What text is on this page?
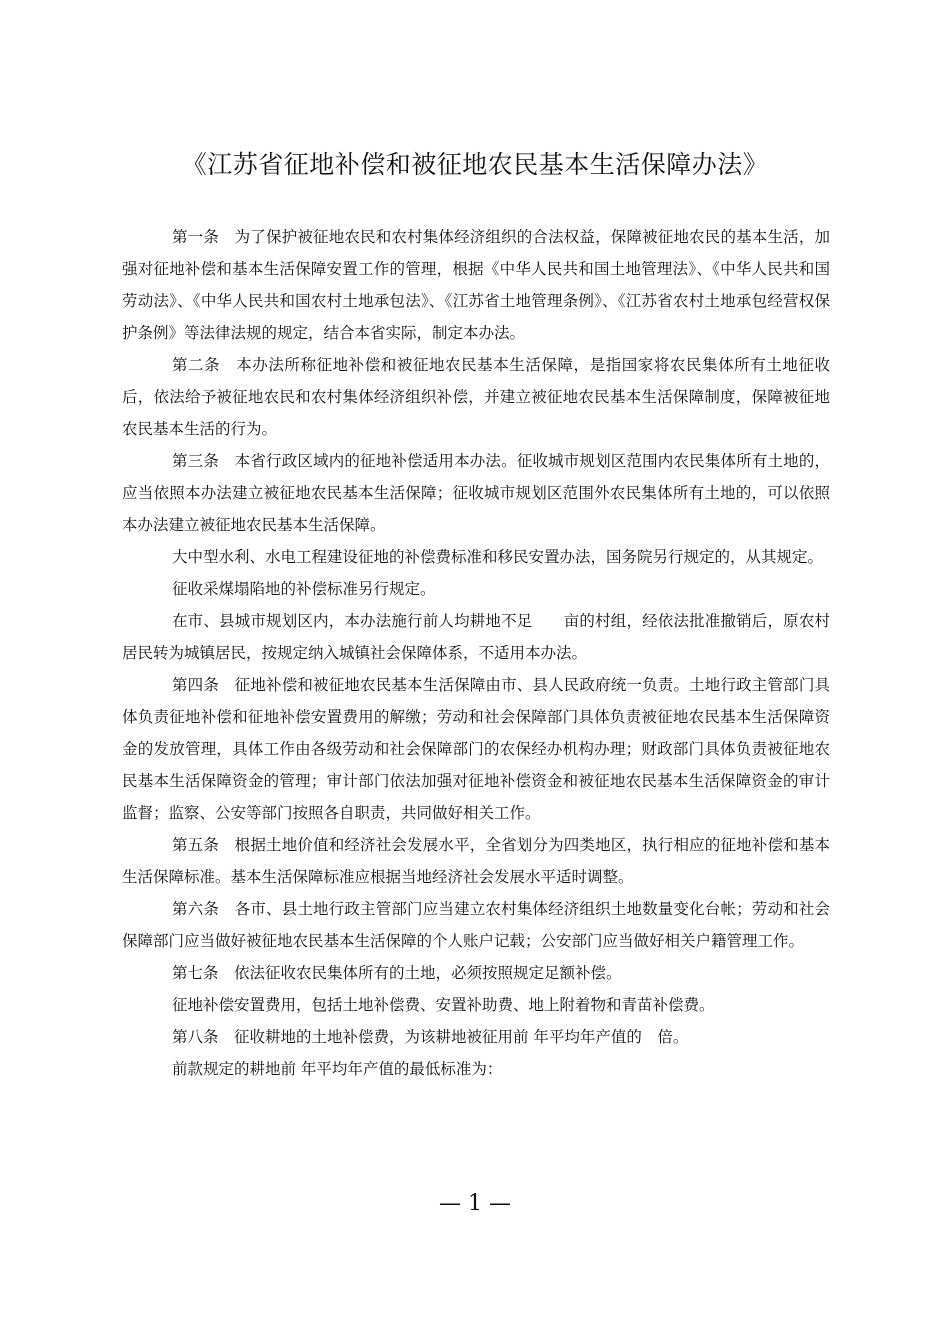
《江苏省征地补偿和被征地农民基本生活保障办法》

第一条　为了保护被征地农民和农村集体经济组织的合法权益，保障被征地农民的基本生活，加强对征地补偿和基本生活保障安置工作的管理，根据《中华人民共和国土地管理法》、《中华人民共和国劳动法》、《中华人民共和国农村土地承包法》、《江苏省土地管理条例》、《江苏省农村土地承包经营权保护条例》等法律法规的规定，结合本省实际，制定本办法。

第二条　本办法所称征地补偿和被征地农民基本生活保障，是指国家将农民集体所有土地征收后，依法给予被征地农民和农村集体经济组织补偿，并建立被征地农民基本生活保障制度，保障被征地农民基本生活的行为。

第三条　本省行政区域内的征地补偿适用本办法。征收城市规划区范围内农民集体所有土地的，应当依照本办法建立被征地农民基本生活保障；征收城市规划区范围外农民集体所有土地的，可以依照本办法建立被征地农民基本生活保障。

大中型水利、水电工程建设征地的补偿费标准和移民安置办法，国务院另行规定的，从其规定。

征收采煤塌陷地的补偿标准另行规定。

在市、县城市规划区内，本办法施行前人均耕地不足　　亩的村组，经依法批准撤销后，原农村居民转为城镇居民，按规定纳入城镇社会保障体系，不适用本办法。

第四条　征地补偿和被征地农民基本生活保障由市、县人民政府统一负责。土地行政主管部门具体负责征地补偿和征地补偿安置费用的解缴；劳动和社会保障部门具体负责被征地农民基本生活保障资金的发放管理，具体工作由各级劳动和社会保障部门的农保经办机构办理；财政部门具体负责被征地农民基本生活保障资金的管理；审计部门依法加强对征地补偿资金和被征地农民基本生活保障资金的审计监督；监察、公安等部门按照各自职责，共同做好相关工作。

第五条　根据土地价值和经济社会发展水平，全省划分为四类地区，执行相应的征地补偿和基本生活保障标准。基本生活保障标准应根据当地经济社会发展水平适时调整。

第六条　各市、县土地行政主管部门应当建立农村集体经济组织土地数量变化台帐；劳动和社会保障部门应当做好被征地农民基本生活保障的个人账户记载；公安部门应当做好相关户籍管理工作。

第七条　依法征收农民集体所有的土地，必须按照规定足额补偿。

征地补偿安置费用，包括土地补偿费、安置补助费、地上附着物和青苗补偿费。

第八条　征收耕地的土地补偿费，为该耕地被征用前 年平均年产值的　倍。

前款规定的耕地前 年平均年产值的最低标准为：

— 1 —
